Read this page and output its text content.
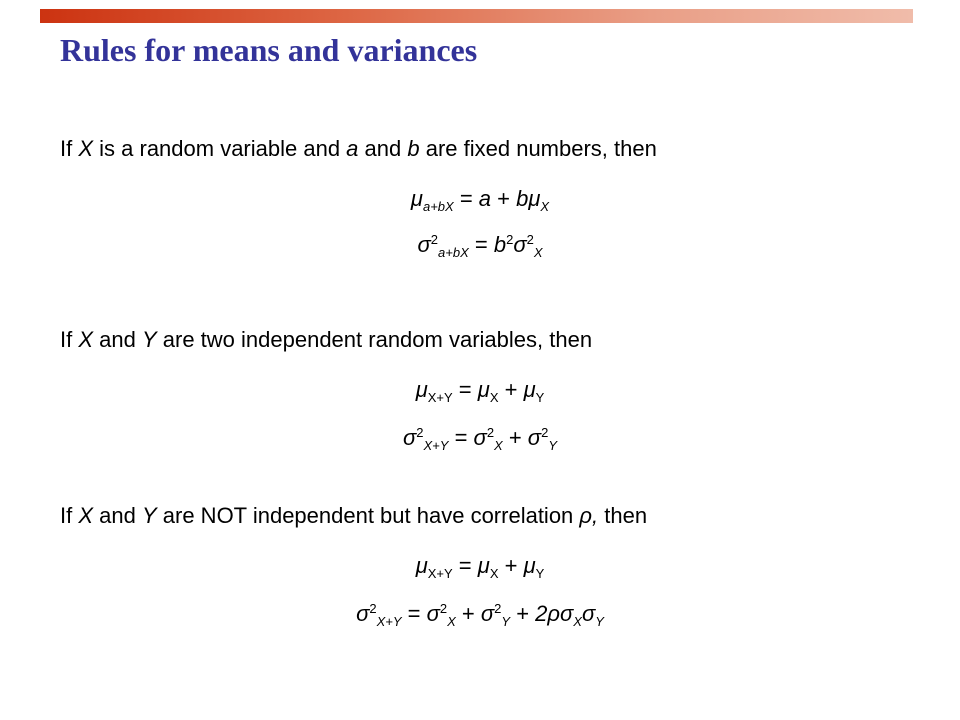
Rules for means and variances
If X is a random variable and a and b are fixed numbers, then
$\mu_{a+bX} = a + b\mu_X$
$\sigma^2_{a+bX} = b^2\sigma^2_X$
If X and Y are two independent random variables, then
$\mu_{X+Y} = \mu_X + \mu_Y$
$\sigma^2_{X+Y} = \sigma^2_X + \sigma^2_Y$
If X and Y are NOT independent but have correlation ρ, then
$\mu_{X+Y} = \mu_X + \mu_Y$
$\sigma^2_{X+Y} = \sigma^2_X + \sigma^2_Y + 2\rho\sigma_X\sigma_Y$
